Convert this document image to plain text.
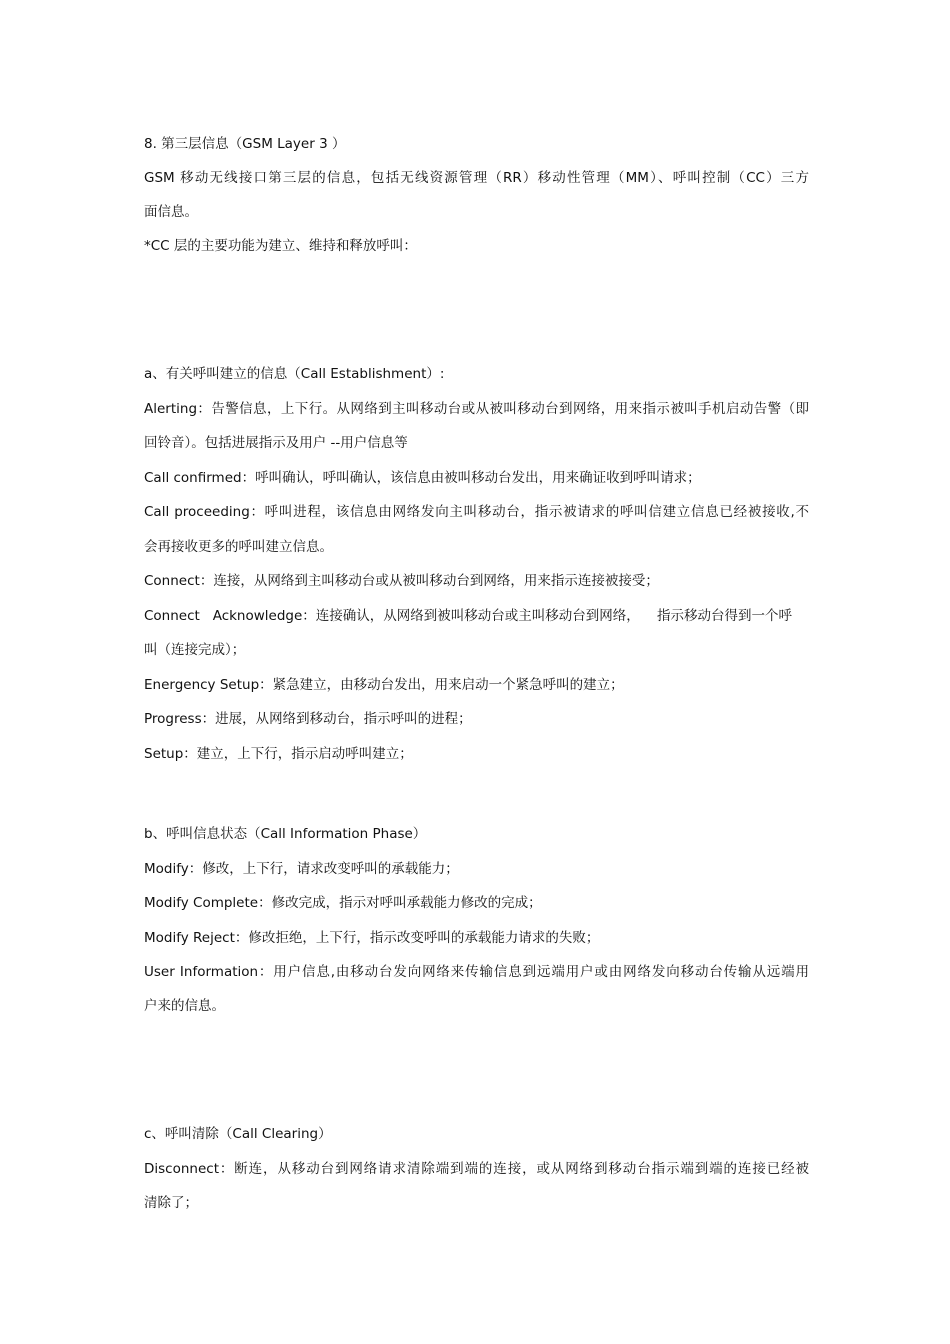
8. 第三层信息（GSM Layer 3 ）
GSM 移动无线接口第三层的信息，包括无线资源管理（RR）移动性管理（MM）、呼叫控制（CC）三方
面信息。
*CC 层的主要功能为建立、维持和释放呼叫：
a、有关呼叫建立的信息（Call Establishment）:
Alerting：告警信息，上下行。从网络到主叫移动台或从被叫移动台到网络，用来指示被叫手机启动告警（即
回铃音）。包括进展指示及用户 --用户信息等
Call confirmed：呼叫确认，呼叫确认，该信息由被叫移动台发出，用来确证收到呼叫请求；
Call proceeding：呼叫进程，该信息由网络发向主叫移动台，指示被请求的呼叫信建立信息已经被接收,不
会再接收更多的呼叫建立信息。
Connect：连接，从网络到主叫移动台或从被叫移动台到网络，用来指示连接被接受；
Connect   Acknowledge：连接确认，从网络到被叫移动台或主叫移动台到网络，    指示移动台得到一个呼
叫（连接完成）；
Energency Setup：紧急建立，由移动台发出，用来启动一个紧急呼叫的建立；
Progress：进展，从网络到移动台，指示呼叫的进程；
Setup：建立，上下行，指示启动呼叫建立；
b、呼叫信息状态（Call Information Phase）
Modify：修改，上下行，请求改变呼叫的承载能力；
Modify Complete：修改完成，指示对呼叫承载能力修改的完成；
Modify Reject：修改拒绝，上下行，指示改变呼叫的承载能力请求的失败；
User Information：用户信息,由移动台发向网络来传输信息到远端用户或由网络发向移动台传输从远端用
户来的信息。
c、呼叫清除（Call Clearing）
Disconnect：断连，从移动台到网络请求清除端到端的连接，或从网络到移动台指示端到端的连接已经被
清除了；
